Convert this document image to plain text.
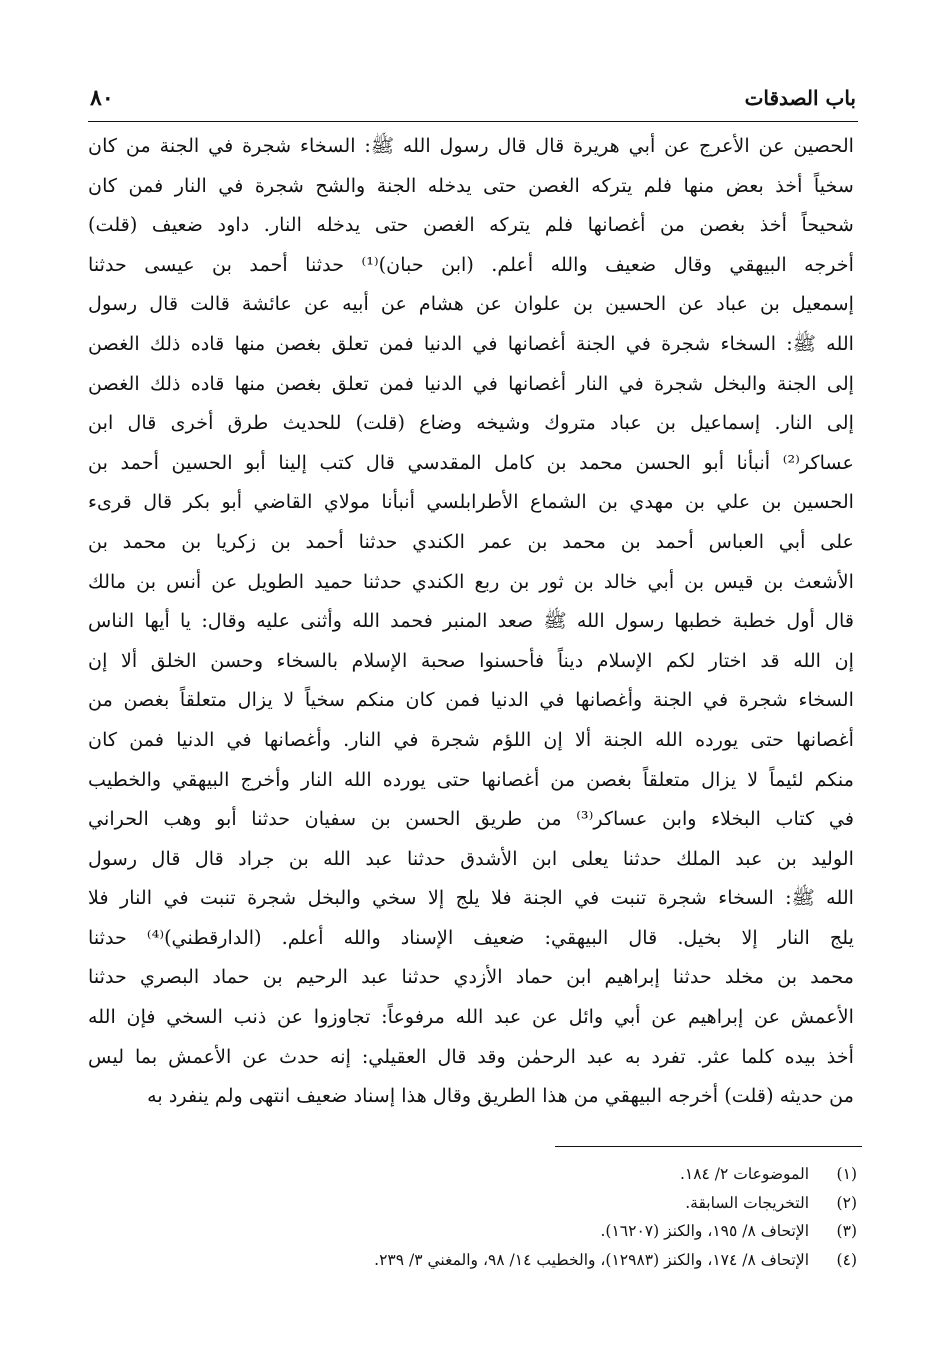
باب الصدقات
٨٠
الحصين عن الأعرج عن أبي هريرة قال قال رسول الله ﷺ: السخاء شجرة في الجنة من كان
سخياً أخذ بعض منها فلم يتركه الغصن حتى يدخله الجنة والشح شجرة في النار فمن كان
شحيحاً أخذ بغصن من أغصانها فلم يتركه الغصن حتى يدخله النار. داود ضعيف (قلت)
أخرجه البيهقي وقال ضعيف والله أعلم. (ابن حبان)⁽¹⁾ حدثنا أحمد بن عيسى حدثنا
إسمعيل بن عباد عن الحسين بن علوان عن هشام عن أبيه عن عائشة قالت قال رسول
الله ﷺ: السخاء شجرة في الجنة أغصانها في الدنيا فمن تعلق بغصن منها قاده ذلك الغصن
إلى الجنة والبخل شجرة في النار أغصانها في الدنيا فمن تعلق بغصن منها قاده ذلك الغصن
إلى النار. إسماعيل بن عباد متروك وشيخه وضاع (قلت) للحديث طرق أخرى قال ابن
عساكر⁽²⁾ أنبأنا أبو الحسن محمد بن كامل المقدسي قال كتب إلينا أبو الحسين أحمد بن
الحسين بن علي بن مهدي بن الشماع الأطرابلسي أنبأنا مولاي القاضي أبو بكر قال قرىء
على أبي العباس أحمد بن محمد بن عمر الكندي حدثنا أحمد بن زكريا بن محمد بن
الأشعث بن قيس بن أبي خالد بن ثور بن ربع الكندي حدثنا حميد الطويل عن أنس بن مالك
قال أول خطبة خطبها رسول الله ﷺ صعد المنبر فحمد الله وأثنى عليه وقال: يا أيها الناس
إن الله قد اختار لكم الإسلام ديناً فأحسنوا صحبة الإسلام بالسخاء وحسن الخلق ألا إن
السخاء شجرة في الجنة وأغصانها في الدنيا فمن كان منكم سخياً لا يزال متعلقاً بغصن من
أغصانها حتى يورده الله الجنة ألا إن اللؤم شجرة في النار. وأغصانها في الدنيا فمن كان
منكم لئيماً لا يزال متعلقاً بغصن من أغصانها حتى يورده الله النار وأخرج البيهقي والخطيب
في كتاب البخلاء وابن عساكر⁽³⁾ من طريق الحسن بن سفيان حدثنا أبو وهب الحراني
الوليد بن عبد الملك حدثنا يعلى ابن الأشدق حدثنا عبد الله بن جراد قال قال رسول
الله ﷺ: السخاء شجرة تنبت في الجنة فلا يلج إلا سخي والبخل شجرة تنبت في النار فلا
يلج النار إلا بخيل. قال البيهقي: ضعيف الإسناد والله أعلم. (الدارقطني)⁽⁴⁾ حدثنا
محمد بن مخلد حدثنا إبراهيم ابن حماد الأزدي حدثنا عبد الرحيم بن حماد البصري حدثنا
الأعمش عن إبراهيم عن أبي وائل عن عبد الله مرفوعاً: تجاوزوا عن ذنب السخي فإن الله
أخذ بيده كلما عثر. تفرد به عبد الرحمٰن وقد قال العقيلي: إنه حدث عن الأعمش بما ليس
من حديثه (قلت) أخرجه البيهقي من هذا الطريق وقال هذا إسناد ضعيف انتهى ولم ينفرد به
(١)
الموضوعات ٢/ ١٨٤.
(٢)
التخريجات السابقة.
(٣)
الإتحاف ٨/ ١٩٥، والكنز (١٦٢٠٧).
(٤)
الإتحاف ٨/ ١٧٤، والكنز (١٢٩٨٣)، والخطيب ١٤/ ٩٨، والمغني ٣/ ٢٣٩.
